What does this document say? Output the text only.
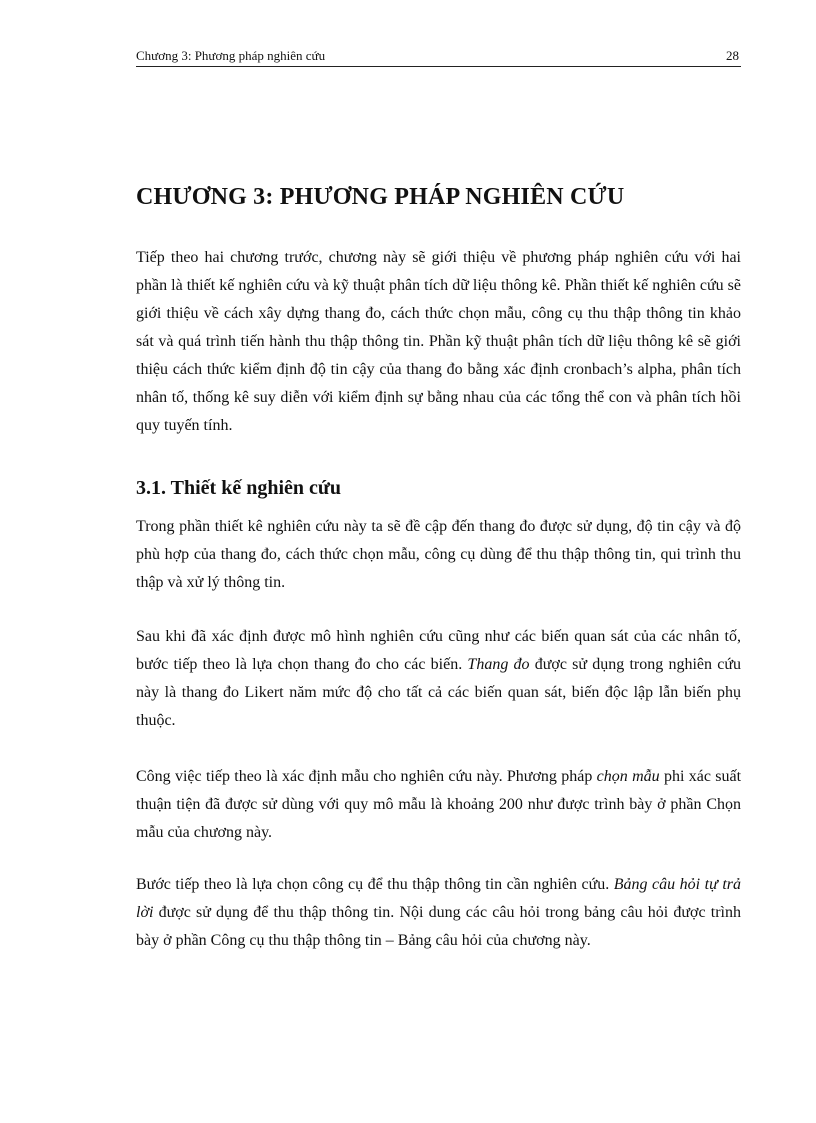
Chương 3: Phương pháp nghiên cứu	28
CHƯƠNG 3: PHƯƠNG PHÁP NGHIÊN CỨU

Tiếp theo hai chương trước, chương này sẽ giới thiệu về phương pháp nghiên cứu với hai phần là thiết kế nghiên cứu và kỹ thuật phân tích dữ liệu thông kê. Phần thiết kế nghiên cứu sẽ giới thiệu về cách xây dựng thang đo, cách thức chọn mẫu, công cụ thu thập thông tin khảo sát và quá trình tiến hành thu thập thông tin. Phần kỹ thuật phân tích dữ liệu thông kê sẽ giới thiệu cách thức kiểm định độ tin cậy của thang đo bằng xác định cronbach’s alpha, phân tích nhân tố, thống kê suy diễn với kiểm định sự bằng nhau của các tổng thể con và phân tích hồi quy tuyến tính.

3.1. Thiết kế nghiên cứu

Trong phần thiết kê nghiên cứu này ta sẽ đề cập đến thang đo được sử dụng, độ tin cậy và độ phù hợp của thang đo, cách thức chọn mẫu, công cụ dùng để thu thập thông tin, qui trình thu thập và xử lý thông tin.

Sau khi đã xác định được mô hình nghiên cứu cũng như các biến quan sát của các nhân tố, bước tiếp theo là lựa chọn thang đo cho các biến. Thang đo được sử dụng trong nghiên cứu này là thang đo Likert năm mức độ cho tất cả các biến quan sát, biến độc lập lẫn biến phụ thuộc.

Công việc tiếp theo là xác định mẫu cho nghiên cứu này. Phương pháp chọn mẫu phi xác suất thuận tiện đã được sử dùng với quy mô mẫu là khoảng 200 như được trình bày ở phần Chọn mẫu của chương này.

Bước tiếp theo là lựa chọn công cụ để thu thập thông tin cần nghiên cứu. Bảng câu hỏi tự trả lời được sử dụng để thu thập thông tin. Nội dung các câu hỏi trong bảng câu hỏi được trình bày ở phần Công cụ thu thập thông tin – Bảng câu hỏi của chương này.
